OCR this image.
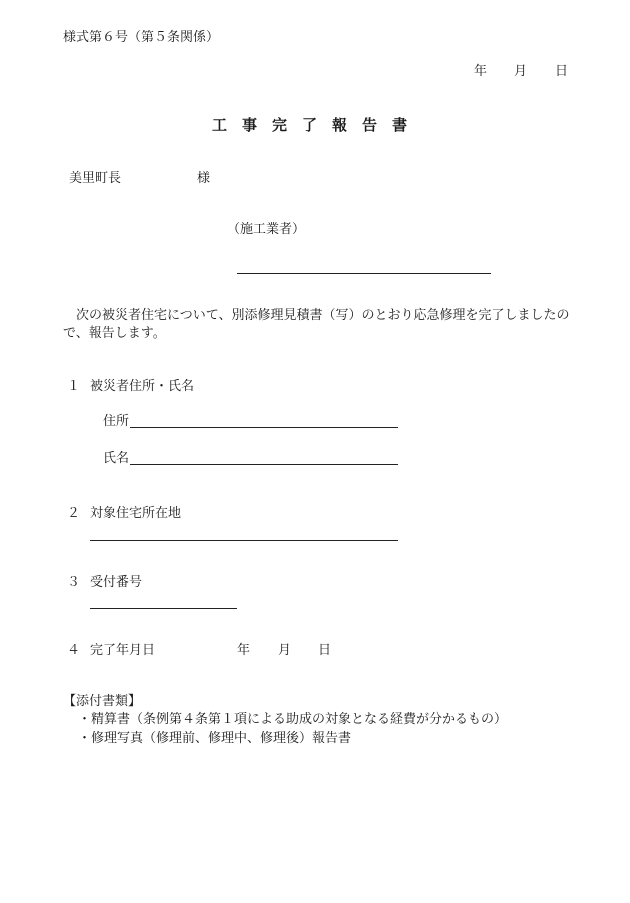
様式第６号（第５条関係）
年 月 日
工事完了報告書
美里町長	様
（施工業者）
次の被災者住宅について、別添修理見積書（写）のとおり応急修理を完了しましたので、報告します。
１ 被災者住所・氏名
住所
氏名
２ 対象住宅所在地
３ 受付番号
４ 完了年月日	年 月 日
【添付書類】
・精算書（条例第４条第１項による助成の対象となる経費が分かるもの）
・修理写真（修理前、修理中、修理後）報告書
